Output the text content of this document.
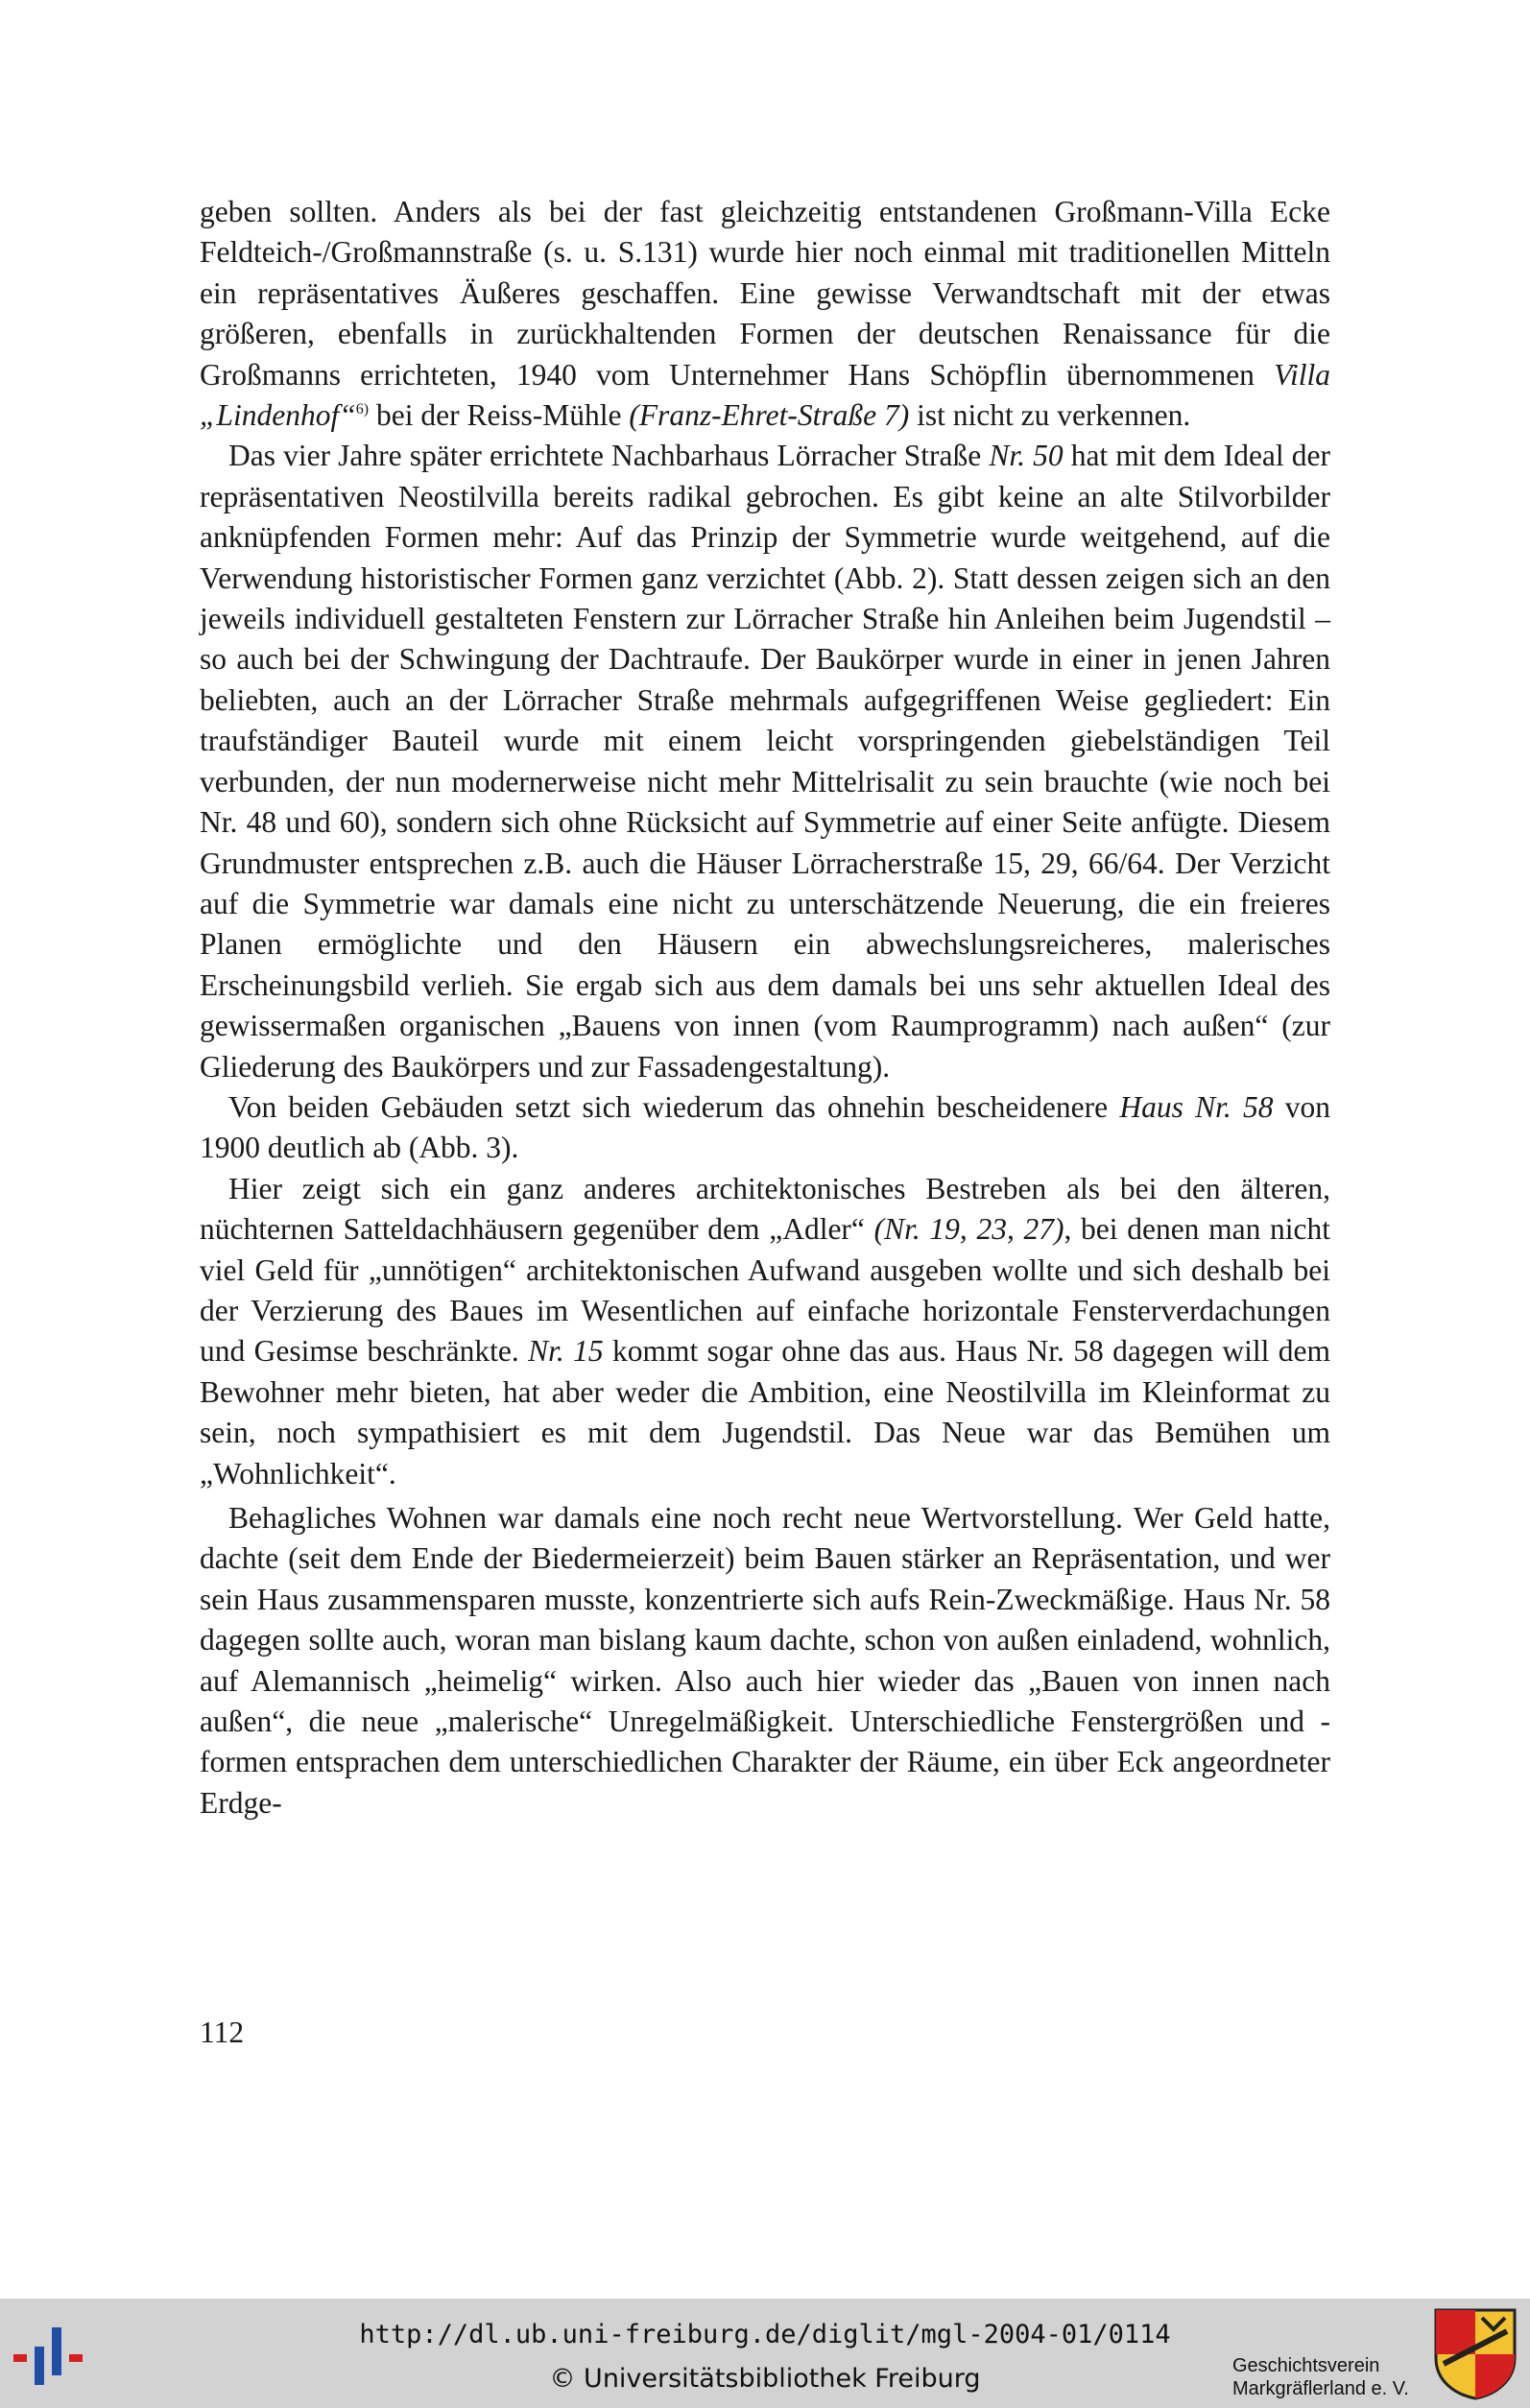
geben sollten. Anders als bei der fast gleichzeitig entstandenen Großmann-Villa Ecke Feldteich-/Großmannstraße (s. u. S.131) wurde hier noch einmal mit traditionellen Mitteln ein repräsentatives Äußeres geschaffen. Eine gewisse Verwandtschaft mit der etwas größeren, ebenfalls in zurückhaltenden Formen der deutschen Renaissance für die Großmanns errichteten, 1940 vom Unternehmer Hans Schöpflin übernommenen Villa „Lindenhof“$^{6)}$ bei der Reiss-Mühle (Franz-Ehret-Straße 7) ist nicht zu verkennen.

Das vier Jahre später errichtete Nachbarhaus Lörracher Straße Nr. 50 hat mit dem Ideal der repräsentativen Neostilvilla bereits radikal gebrochen. Es gibt keine an alte Stilvorbilder anknüpfenden Formen mehr: Auf das Prinzip der Symmetrie wurde weitgehend, auf die Verwendung historistischer Formen ganz verzichtet (Abb. 2). Statt dessen zeigen sich an den jeweils individuell gestalteten Fenstern zur Lörracher Straße hin Anleihen beim Jugendstil – so auch bei der Schwingung der Dachtraufe. Der Baukörper wurde in einer in jenen Jahren beliebten, auch an der Lörracher Straße mehrmals aufgegriffenen Weise gegliedert: Ein traufständiger Bauteil wurde mit einem leicht vorspringenden giebelständigen Teil verbunden, der nun modernerweise nicht mehr Mittelrisalit zu sein brauchte (wie noch bei Nr. 48 und 60), sondern sich ohne Rücksicht auf Symmetrie auf einer Seite anfügte. Diesem Grundmuster entsprechen z.B. auch die Häuser Lörracherstraße 15, 29, 66/64. Der Verzicht auf die Symmetrie war damals eine nicht zu unterschätzende Neuerung, die ein freieres Planen ermöglichte und den Häusern ein abwechslungsreicheres, malerisches Erscheinungsbild verlieh. Sie ergab sich aus dem damals bei uns sehr aktuellen Ideal des gewissermaßen organischen „Bauens von innen (vom Raumprogramm) nach außen“ (zur Gliederung des Baukörpers und zur Fassadengestaltung).

Von beiden Gebäuden setzt sich wiederum das ohnehin bescheidenere Haus Nr. 58 von 1900 deutlich ab (Abb. 3).

Hier zeigt sich ein ganz anderes architektonisches Bestreben als bei den älteren, nüchternen Satteldachhäusern gegenüber dem „Adler“ (Nr. 19, 23, 27), bei denen man nicht viel Geld für „unnötigen“ architektonischen Aufwand ausgeben wollte und sich deshalb bei der Verzierung des Baues im Wesentlichen auf einfache horizontale Fensterverdachungen und Gesimse beschränkte. Nr. 15 kommt sogar ohne das aus. Haus Nr. 58 dagegen will dem Bewohner mehr bieten, hat aber weder die Ambition, eine Neostilvilla im Kleinformat zu sein, noch sympathisiert es mit dem Jugendstil. Das Neue war das Bemühen um „Wohnlichkeit“.

Behagliches Wohnen war damals eine noch recht neue Wertvorstellung. Wer Geld hatte, dachte (seit dem Ende der Biedermeierzeit) beim Bauen stärker an Repräsentation, und wer sein Haus zusammensparen musste, konzentrierte sich aufs Rein-Zweckmäßige. Haus Nr. 58 dagegen sollte auch, woran man bislang kaum dachte, schon von außen einladend, wohnlich, auf Alemannisch „heimelig“ wirken. Also auch hier wieder das „Bauen von innen nach außen“, die neue „malerische“ Unregelmäßigkeit. Unterschiedliche Fenstergrößen und -formen entsprachen dem unterschiedlichen Charakter der Räume, ein über Eck angeordneter Erdge-

112
http://dl.ub.uni-freiburg.de/diglit/mgl-2004-01/0114
© Universitätsbibliothek Freiburg	Geschichtsverein
Markgräflerland e. V.
